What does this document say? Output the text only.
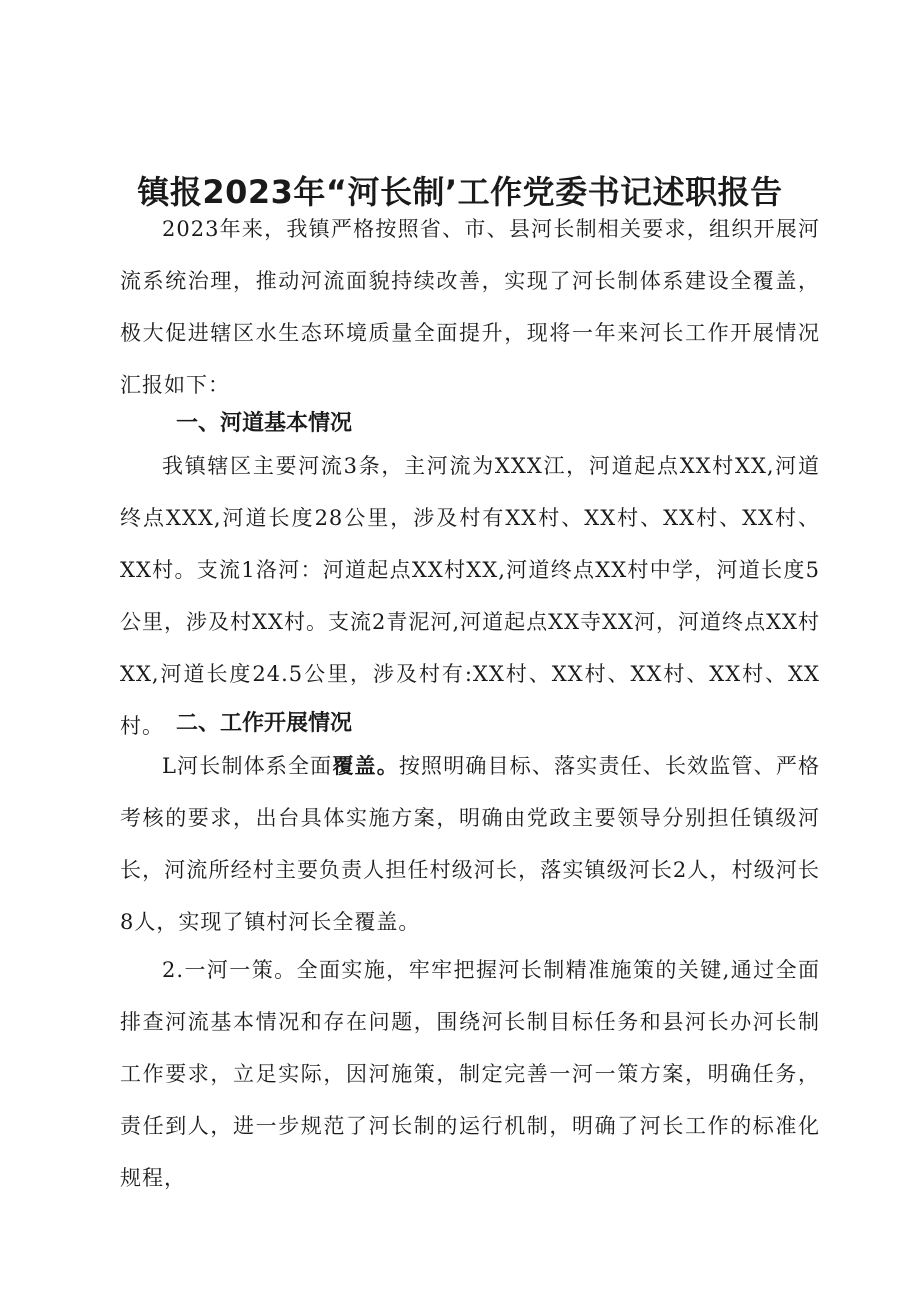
镇报2023年“河长制’工作党委书记述职报告

2023年来，我镇严格按照省、市、县河长制相关要求，组织开展河流系统治理，推动河流面貌持续改善，实现了河长制体系建设全覆盖，极大促进辖区水生态环境质量全面提升，现将一年来河长工作开展情况汇报如下：

一、河道基本情况

我镇辖区主要河流3条，主河流为XXX江，河道起点XX村XX,河道终点XXX,河道长度28公里，涉及村有XX村、XX村、XX村、XX村、XX村。支流1洛河：河道起点XX村XX,河道终点XX村中学，河道长度5公里，涉及村XX村。支流2青泥河,河道起点XX寺XX河，河道终点XX村XX,河道长度24.5公里，涉及村有:XX村、XX村、XX村、XX村、XX村。 二、工作开展情况

L河长制体系全面覆盖。按照明确目标、落实责任、长效监管、严格考核的要求，出台具体实施方案，明确由党政主要领导分别担任镇级河长，河流所经村主要负责人担任村级河长，落实镇级河长2人，村级河长8人，实现了镇村河长全覆盖。

2.一河一策。全面实施，牢牢把握河长制精准施策的关键,通过全面排查河流基本情况和存在问题，围绕河长制目标任务和县河长办河长制工作要求，立足实际，因河施策，制定完善一河一策方案，明确任务，责任到人，进一步规范了河长制的运行机制，明确了河长工作的标准化规程，
